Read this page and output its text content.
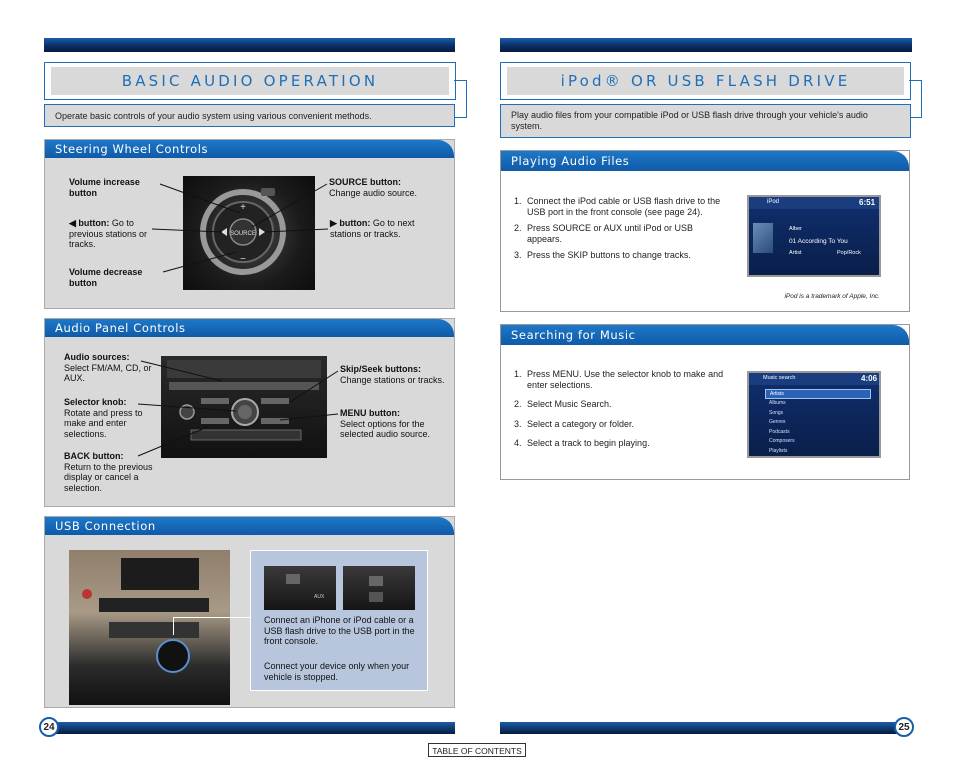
BASIC AUDIO OPERATION
Operate basic controls of your audio system using various convenient methods.
Steering Wheel Controls
SOURCE
+
−
Volume increase button
◀ button: Go to previous stations or tracks.
Volume decrease button
SOURCE button:
Change audio source.
▶ button: Go to next stations or tracks.
Audio Panel Controls
Audio sources:
Select FM/AM, CD, or AUX.
Selector knob:
Rotate and press to make and enter selections.
BACK button:
Return to the previous display or cancel a selection.
Skip/Seek buttons:
Change stations or tracks.
MENU button:
Select options for the selected audio source.
USB Connection
AUX
Connect an iPhone or iPod cable or a USB flash drive to the USB port in the front console.
Connect your device only when your vehicle is stopped.
24
iPod® OR USB FLASH DRIVE
Play audio files from your compatible iPod or USB flash drive through your vehicle's audio system.
Playing Audio Files
1. Connect the iPod cable or USB flash drive to the USB port in the front console (see page 24).
2. Press SOURCE or AUX until iPod or USB appears.
3. Press the SKIP buttons to change tracks.
iPod	6:51
Alber
01 According To You
Artist	Pop/Rock
iPod is a trademark of Apple, Inc.
Searching for Music
1. Press MENU. Use the selector knob to make and enter selections.
2. Select Music Search.
3. Select a category or folder.
4. Select a track to begin playing.
Music search	4:06
Artists
Albums
Songs
Genres
Podcasts
Composers
Playlists
25
TABLE OF CONTENTS
